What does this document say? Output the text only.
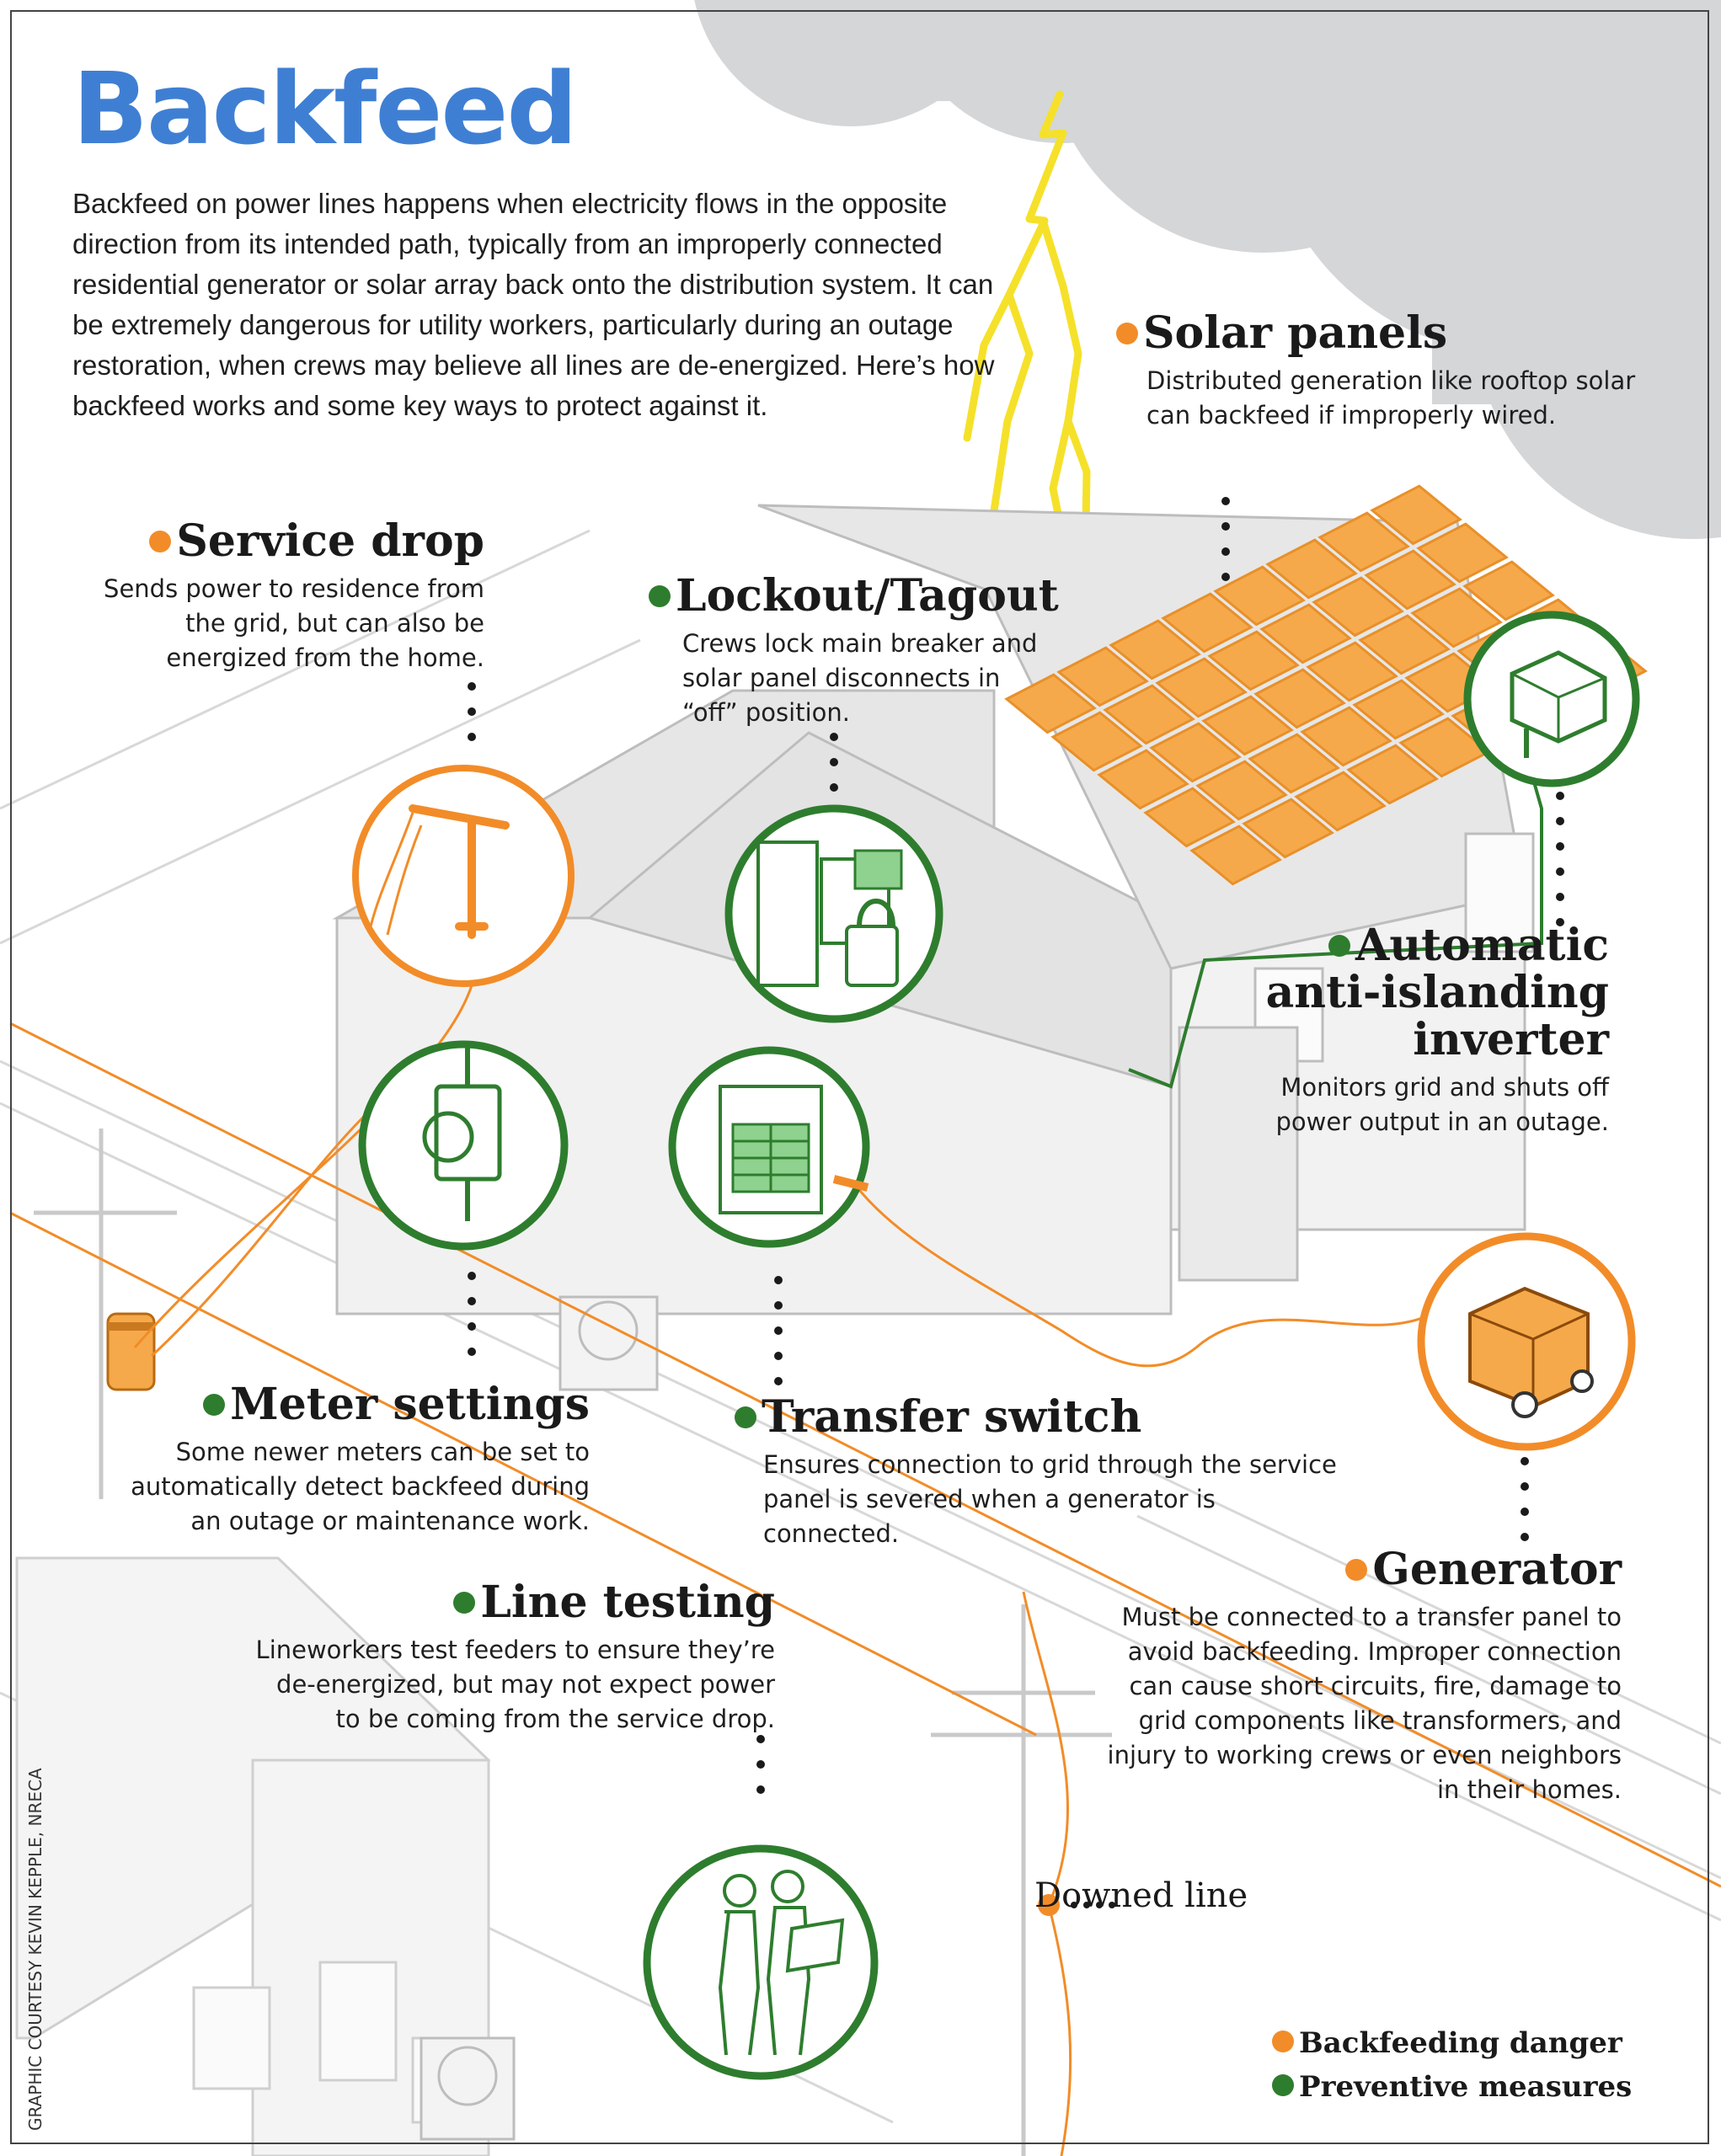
Backfeed
Backfeed on power lines happens when electricity flows in the opposite direction from its intended path, typically from an improperly connected residential generator or solar array back onto the distribution system. It can be extremely dangerous for utility workers, particularly during an outage restoration, when crews may believe all lines are de-energized. Here’s how backfeed works and some key ways to protect against it.
Solar panels

Distributed generation like rooftop solar can backfeed if improperly wired.

Service drop

Sends power to residence from the grid, but can also be energized from the home.

Lockout/Tagout

Crews lock main breaker and solar panel disconnects in “off” position.

Automatic anti-islanding inverter

Monitors grid and shuts off power output in an outage.

Meter settings

Some newer meters can be set to automatically detect backfeed during an outage or maintenance work.

Transfer switch

Ensures connection to grid through the service panel is severed when a generator is connected.

Generator

Must be connected to a transfer panel to avoid backfeeding. Improper connection can cause short circuits, fire, damage to grid components like transformers, and injury to working crews or even neighbors in their homes.

Line testing

Lineworkers test feeders to ensure they’re de-energized, but may not expect power to be coming from the service drop.

Downed line
Backfeeding danger
Preventive measures
GRAPHIC COURTESY KEVIN KEPPLE, NRECA
